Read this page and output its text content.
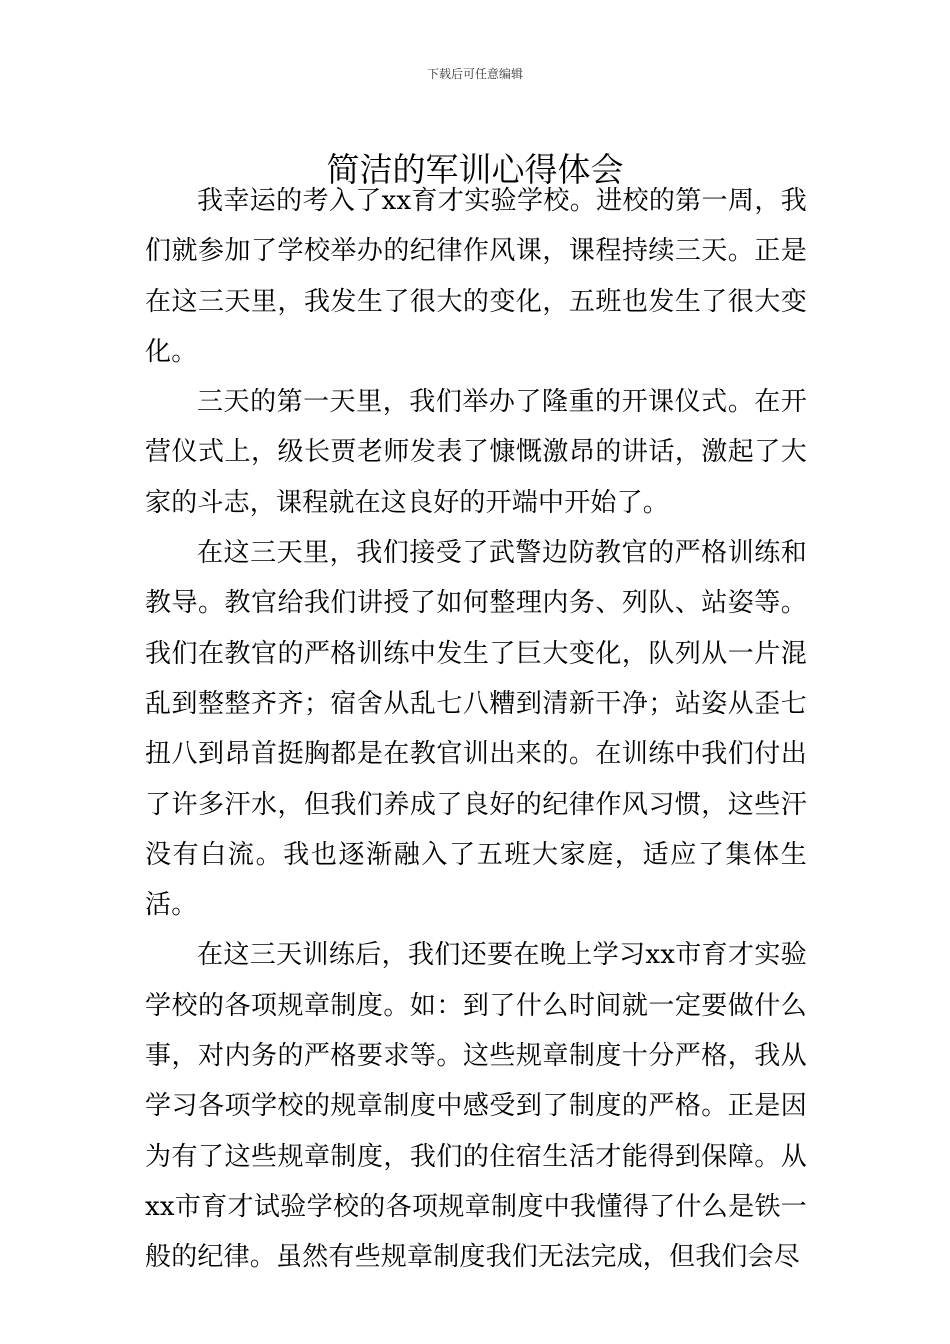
下载后可任意编辑
简洁的军训心得体会

我幸运的考入了xx育才实验学校。进校的第一周，我们就参加了学校举办的纪律作风课，课程持续三天。正是在这三天里，我发生了很大的变化，五班也发生了很大变化。

三天的第一天里，我们举办了隆重的开课仪式。在开营仪式上，级长贾老师发表了慷慨激昂的讲话，激起了大家的斗志，课程就在这良好的开端中开始了。

在这三天里，我们接受了武警边防教官的严格训练和教导。教官给我们讲授了如何整理内务、列队、站姿等。我们在教官的严格训练中发生了巨大变化，队列从一片混乱到整整齐齐；宿舍从乱七八糟到清新干净；站姿从歪七扭八到昂首挺胸都是在教官训出来的。在训练中我们付出了许多汗水，但我们养成了良好的纪律作风习惯，这些汗没有白流。我也逐渐融入了五班大家庭，适应了集体生活。

在这三天训练后，我们还要在晚上学习xx市育才实验学校的各项规章制度。如：到了什么时间就一定要做什么事，对内务的严格要求等。这些规章制度十分严格，我从学习各项学校的规章制度中感受到了制度的严格。正是因为有了这些规章制度，我们的住宿生活才能得到保障。从xx市育才试验学校的各项规章制度中我懂得了什么是铁一般的纪律。虽然有些规章制度我们无法完成，但我们会尽
